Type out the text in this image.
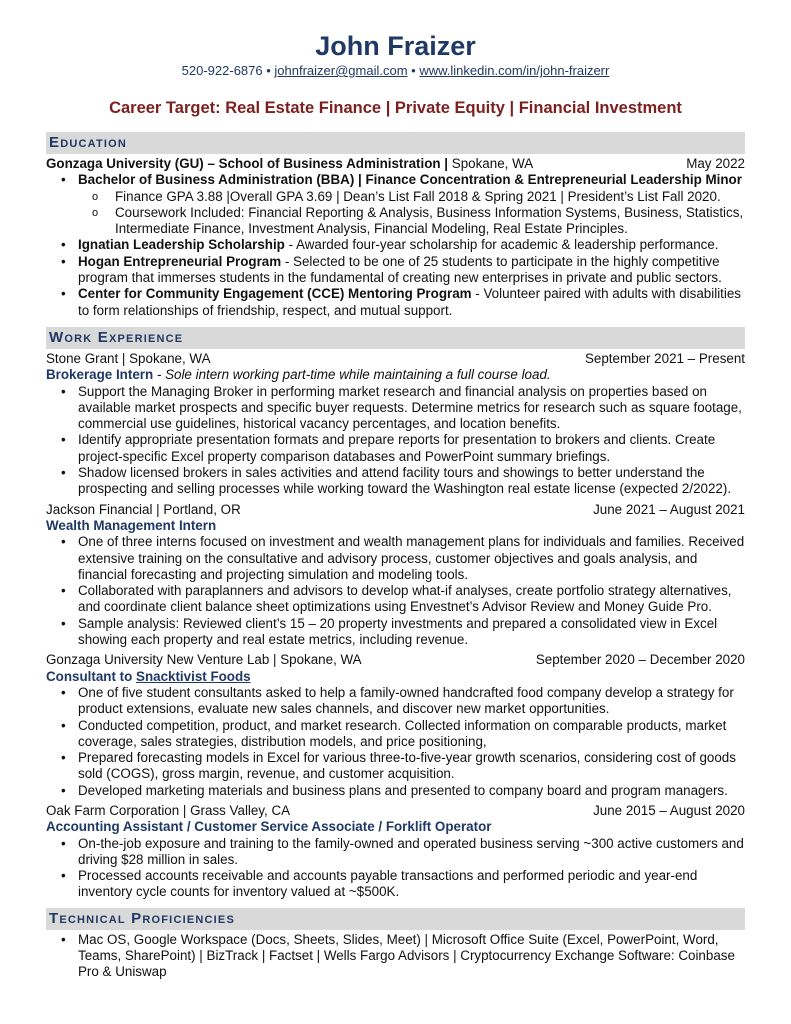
John Fraizer
520-922-6876 • johnfraizer@gmail.com • www.linkedin.com/in/john-fraizerr
Career Target: Real Estate Finance | Private Equity | Financial Investment
Education
Gonzaga University (GU) – School of Business Administration | Spokane, WA	May 2022
• Bachelor of Business Administration (BBA) | Finance Concentration & Entrepreneurial Leadership Minor
o Finance GPA 3.88 |Overall GPA 3.69 | Dean’s List Fall 2018 & Spring 2021 | President’s List Fall 2020.
o Coursework Included: Financial Reporting & Analysis, Business Information Systems, Business, Statistics, Intermediate Finance, Investment Analysis, Financial Modeling, Real Estate Principles.
• Ignatian Leadership Scholarship - Awarded four-year scholarship for academic & leadership performance.
• Hogan Entrepreneurial Program - Selected to be one of 25 students to participate in the highly competitive program that immerses students in the fundamental of creating new enterprises in private and public sectors.
• Center for Community Engagement (CCE) Mentoring Program - Volunteer paired with adults with disabilities to form relationships of friendship, respect, and mutual support.
Work Experience
Stone Grant | Spokane, WA	September 2021 – Present
Brokerage Intern - Sole intern working part-time while maintaining a full course load.
• Support the Managing Broker in performing market research and financial analysis on properties based on available market prospects and specific buyer requests. Determine metrics for research such as square footage, commercial use guidelines, historical vacancy percentages, and location benefits.
• Identify appropriate presentation formats and prepare reports for presentation to brokers and clients. Create project-specific Excel property comparison databases and PowerPoint summary briefings.
• Shadow licensed brokers in sales activities and attend facility tours and showings to better understand the prospecting and selling processes while working toward the Washington real estate license (expected 2/2022).
Jackson Financial | Portland, OR	June 2021 – August 2021
Wealth Management Intern
• One of three interns focused on investment and wealth management plans for individuals and families. Received extensive training on the consultative and advisory process, customer objectives and goals analysis, and financial forecasting and projecting simulation and modeling tools.
• Collaborated with paraplanners and advisors to develop what-if analyses, create portfolio strategy alternatives, and coordinate client balance sheet optimizations using Envestnet’s Advisor Review and Money Guide Pro.
• Sample analysis: Reviewed client’s 15 – 20 property investments and prepared a consolidated view in Excel showing each property and real estate metrics, including revenue.
Gonzaga University New Venture Lab | Spokane, WA	September 2020 – December 2020
Consultant to Snacktivist Foods
• One of five student consultants asked to help a family-owned handcrafted food company develop a strategy for product extensions, evaluate new sales channels, and discover new market opportunities.
• Conducted competition, product, and market research. Collected information on comparable products, market coverage, sales strategies, distribution models, and price positioning,
• Prepared forecasting models in Excel for various three-to-five-year growth scenarios, considering cost of goods sold (COGS), gross margin, revenue, and customer acquisition.
• Developed marketing materials and business plans and presented to company board and program managers.
Oak Farm Corporation | Grass Valley, CA	June 2015 – August 2020
Accounting Assistant / Customer Service Associate / Forklift Operator
• On-the-job exposure and training to the family-owned and operated business serving ~300 active customers and driving $28 million in sales.
• Processed accounts receivable and accounts payable transactions and performed periodic and year-end inventory cycle counts for inventory valued at ~$500K.
Technical Proficiencies
• Mac OS, Google Workspace (Docs, Sheets, Slides, Meet) | Microsoft Office Suite (Excel, PowerPoint, Word, Teams, SharePoint) | BizTrack | Factset | Wells Fargo Advisors | Cryptocurrency Exchange Software: Coinbase Pro & Uniswap
